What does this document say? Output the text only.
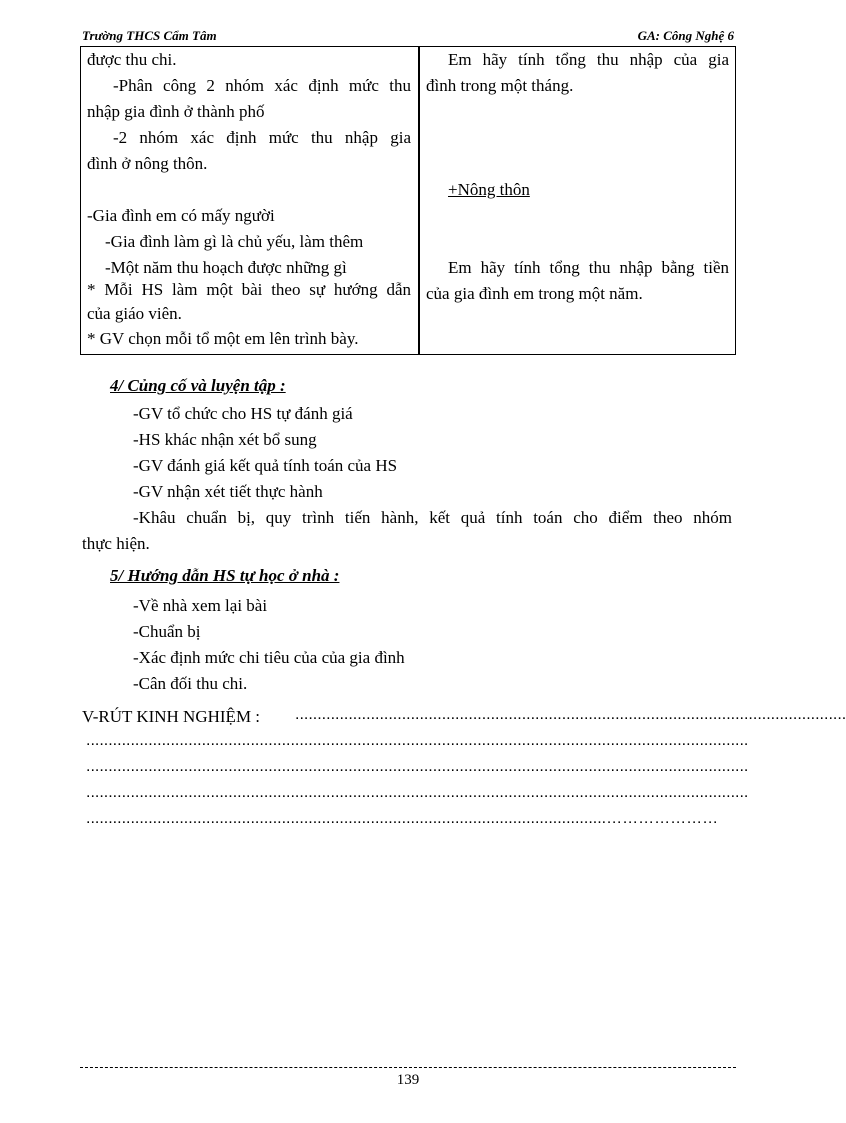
Trường THCS Cẩm Tâm	GA: Công Nghệ 6
được thu chi.
-Phân công 2 nhóm xác định mức thu
nhập gia đình ở thành phố
-2 nhóm xác định mức thu nhập gia
đình ở nông thôn.
-Gia đình em có mấy người
-Gia đình làm gì là chủ yếu, làm thêm
-Một năm thu hoạch được những gì
* Mỗi HS làm một bài theo sự hướng dẫn
của giáo viên.
* GV chọn mỗi tổ một em lên trình bày.
Em hãy tính tổng thu nhập của gia
đình trong một tháng.
+Nông thôn
Em hãy tính tổng thu nhập bằng tiền
của gia đình em trong một năm.
4/ Củng cố và luyện tập :
-GV tổ chức cho HS tự đánh giá
-HS khác nhận xét bổ sung
-GV đánh giá kết quả tính toán của HS
-GV nhận xét tiết thực hành
-Khâu chuẩn bị, quy trình tiến hành, kết quả tính toán cho điểm theo nhóm
thực hiện.
5/ Hướng dẫn HS tự học ở nhà :
-Về nhà xem lại bài
-Chuẩn bị
-Xác định mức chi tiêu của của gia đình
-Cân đối thu chi.
V-RÚT KINH NGHIỆM : ............................................................................................................................
.....................................................................................................................................................
.....................................................................................................................................................
.....................................................................................................................................................
.....................................................................................................................…………………
139
